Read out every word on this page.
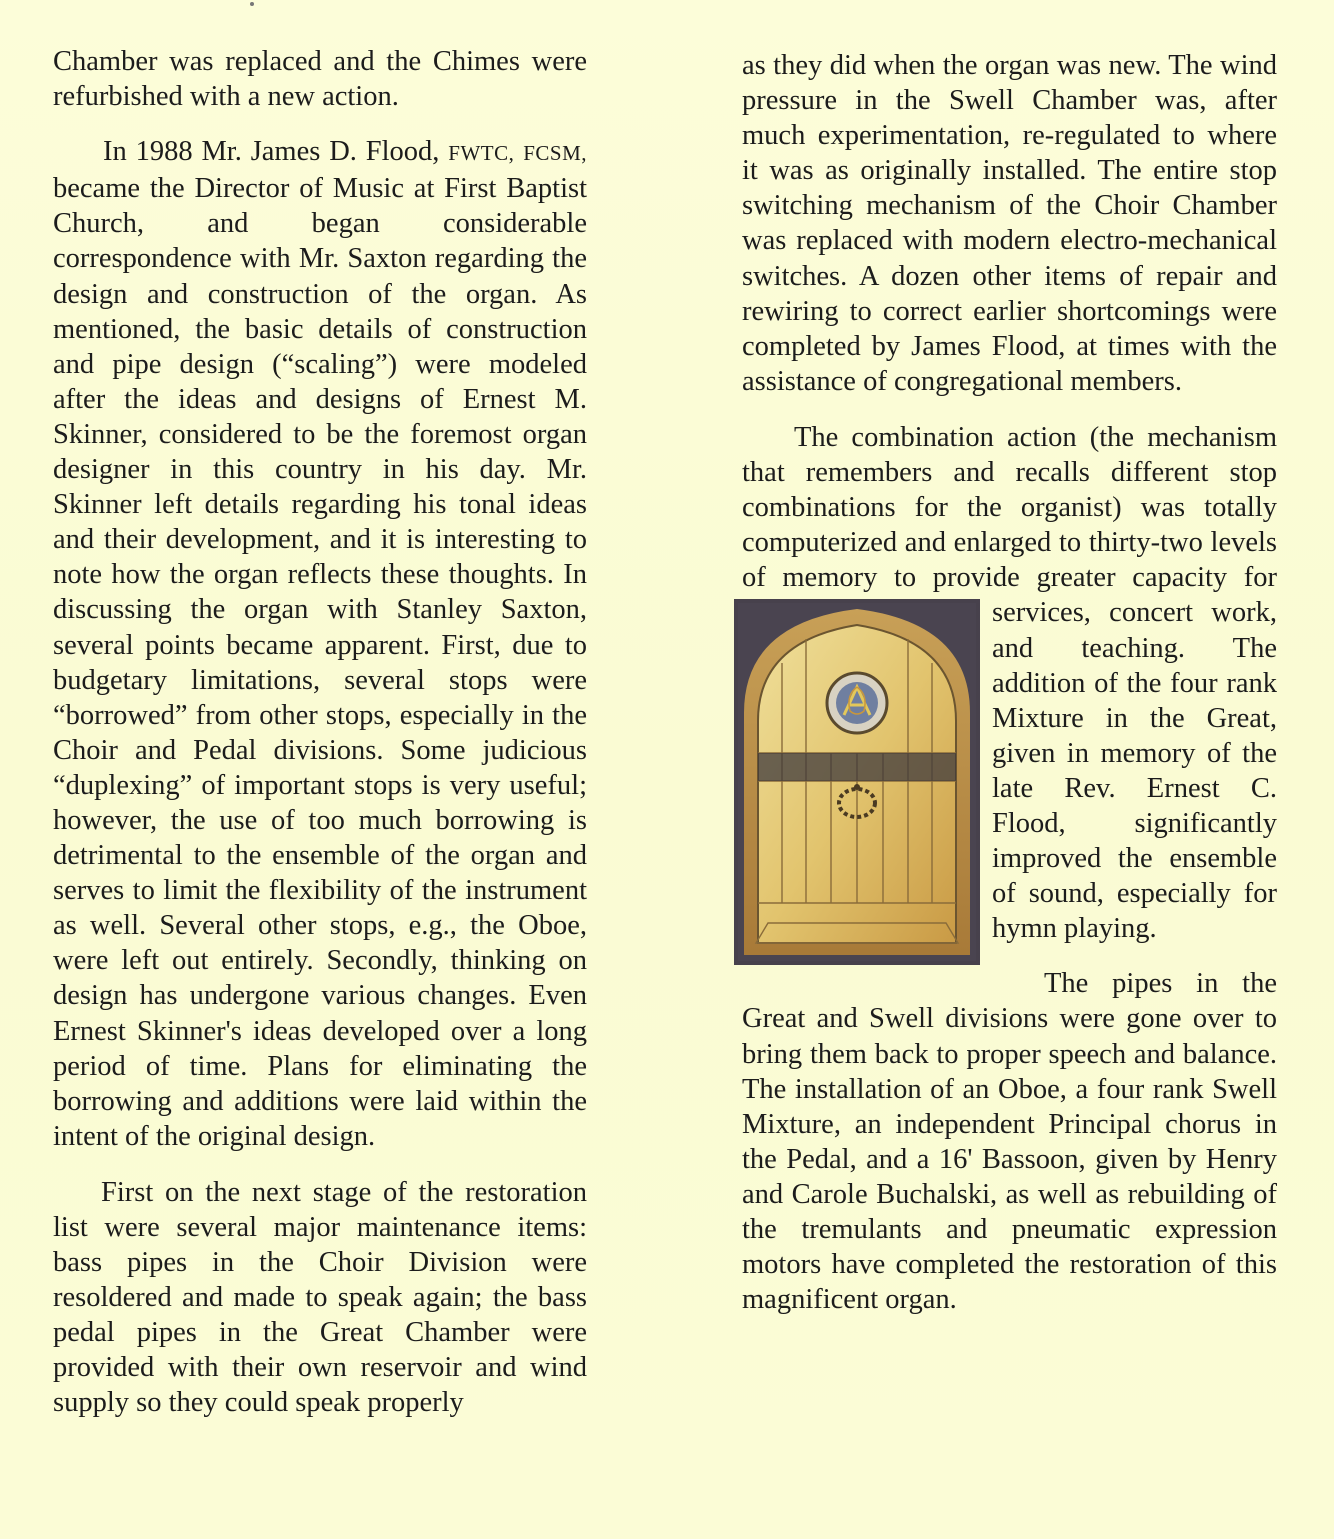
Chamber was replaced and the Chimes were refurbished with a new action.

In 1988 Mr. James D. Flood, FWTC, FCSM, became the Director of Music at First Baptist Church, and began considerable correspondence with Mr. Saxton regarding the design and construction of the organ. As mentioned, the basic details of construction and pipe design (“scaling”) were modeled after the ideas and designs of Ernest M. Skinner, considered to be the foremost organ designer in this country in his day. Mr. Skinner left details regarding his tonal ideas and their development, and it is interesting to note how the organ reflects these thoughts. In discussing the organ with Stanley Saxton, several points became apparent. First, due to budgetary limitations, several stops were “borrowed” from other stops, especially in the Choir and Pedal divisions. Some judicious “duplexing” of important stops is very useful; however, the use of too much borrowing is detrimental to the ensemble of the organ and serves to limit the flexibility of the instrument as well. Several other stops, e.g., the Oboe, were left out entirely. Secondly, thinking on design has undergone various changes. Even Ernest Skinner's ideas developed over a long period of time. Plans for eliminating the borrowing and additions were laid within the intent of the original design.

First on the next stage of the restoration list were several major maintenance items: bass pipes in the Choir Division were resoldered and made to speak again; the bass pedal pipes in the Great Chamber were provided with their own reservoir and wind supply so they could speak properly

as they did when the organ was new. The wind pressure in the Swell Chamber was, after much experimentation, re-regulated to where it was as originally installed. The entire stop switching mechanism of the Choir Chamber was replaced with modern electro-mechanical switches. A dozen other items of repair and rewiring to correct earlier shortcomings were completed by James Flood, at times with the assistance of congregational members.

The combination action (the mechanism that remembers and recalls different stop combinations for the organist) was totally computerized and enlarged to thirty-two levels of memory to provide greater capacity for services, concert work, and teaching. The addition of the four rank Mixture in the Great, given in memory of the late Rev. Ernest C. Flood, significantly improved the ensemble of sound, especially for hymn playing.

The pipes in the Great and Swell divisions were gone over to bring them back to proper speech and balance. The installation of an Oboe, a four rank Swell Mixture, an independent Principal chorus in the Pedal, and a 16' Bassoon, given by Henry and Carole Buchalski, as well as rebuilding of the tremulants and pneumatic expression motors have completed the restoration of this magnificent organ.
